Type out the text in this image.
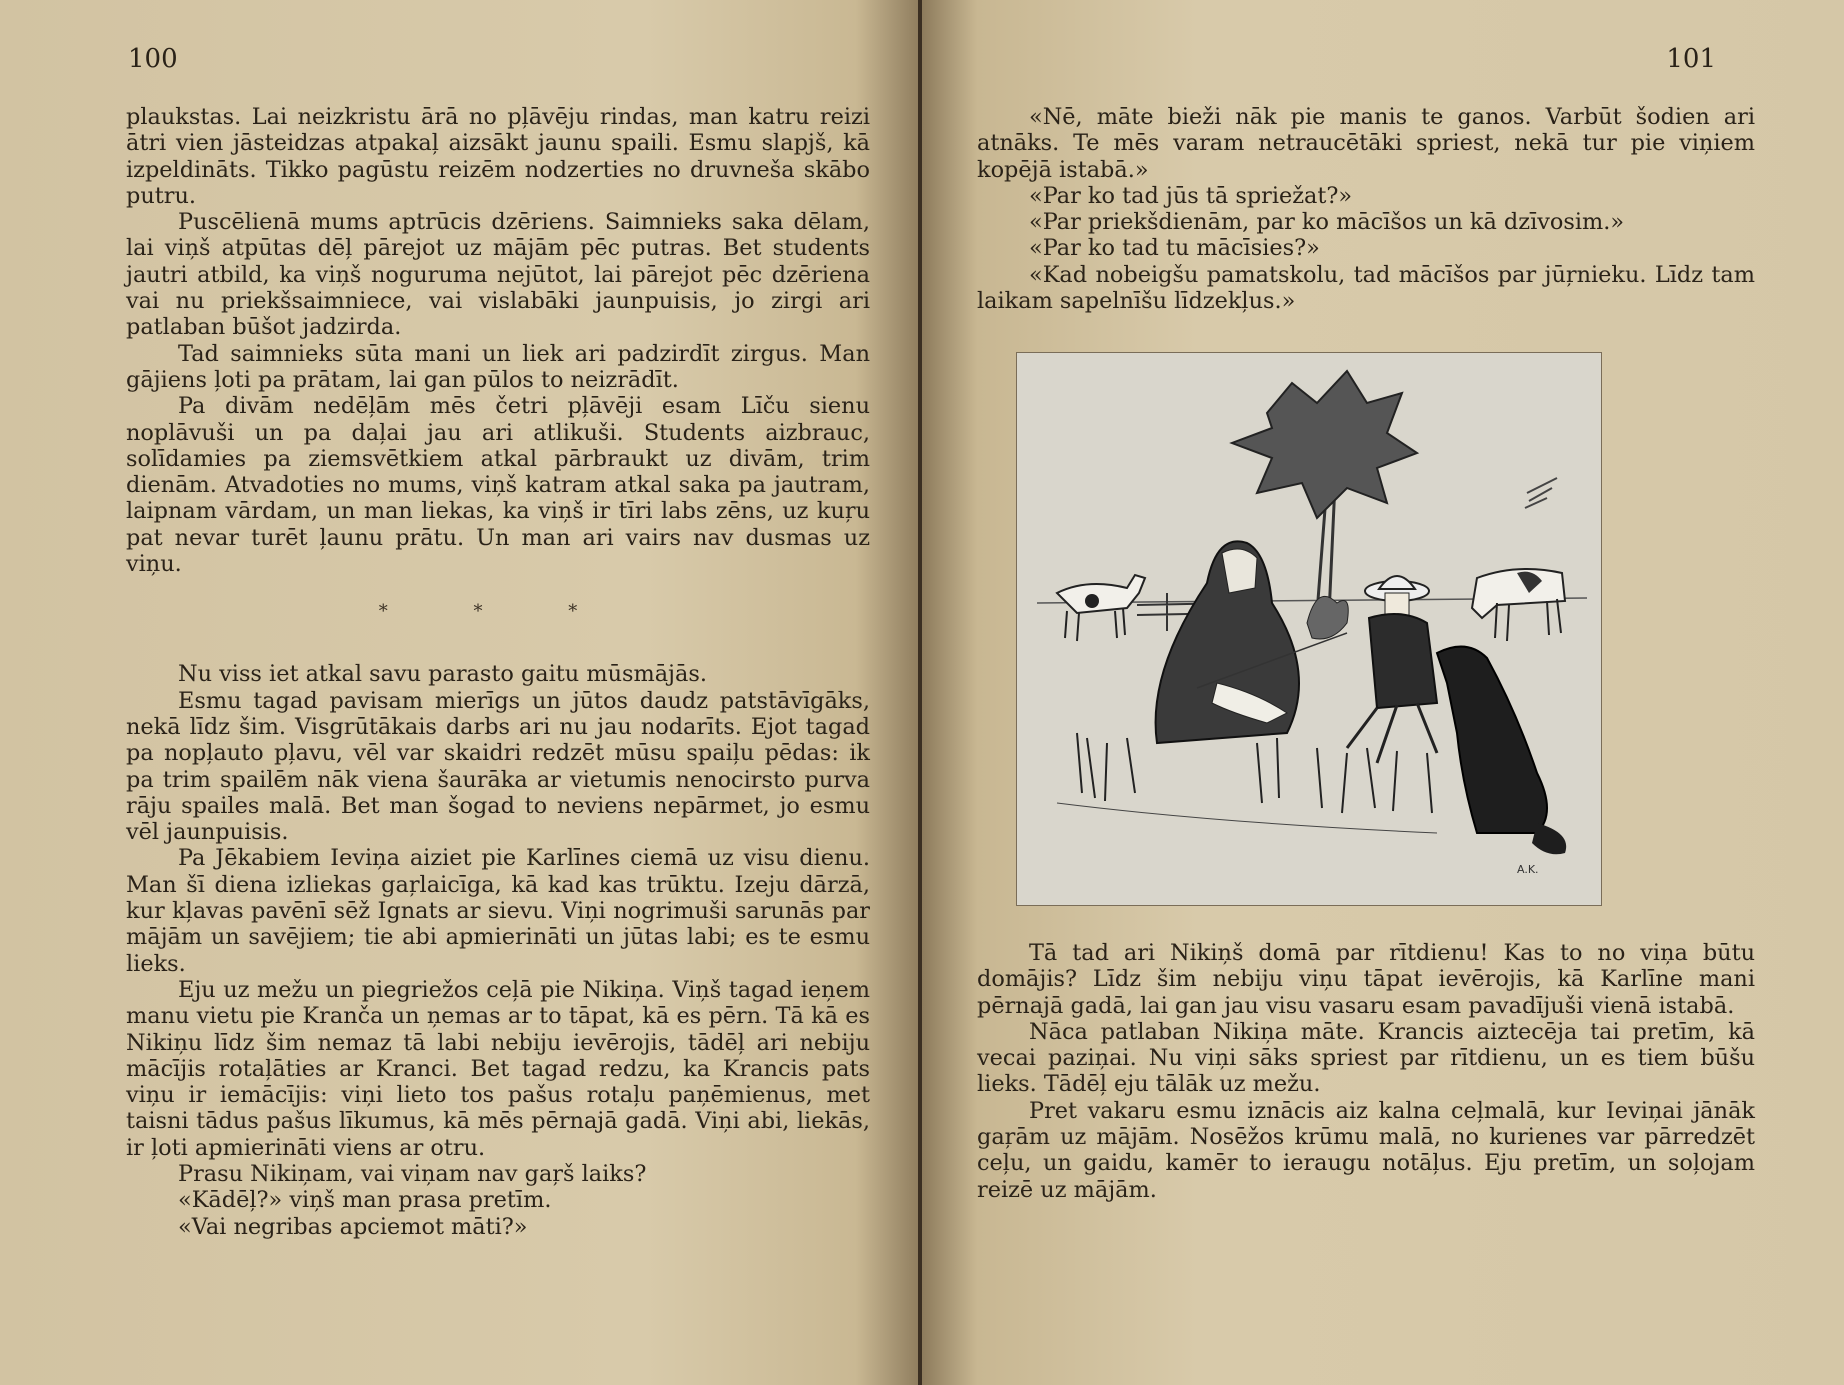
100

plaukstas. Lai neizkristu ārā no pļāvēju rindas, man katru reizi ātri vien jāsteidzas atpakaļ aizsākt jaunu spaili. Esmu slapjš, kā izpeldināts. Tikko pagūstu reizēm nodzerties no druvneša skābo putru.

Puscēlienā mums aptrūcis dzēriens. Saimnieks saka dēlam, lai viņš atpūtas dēļ pārejot uz mājām pēc putras. Bet students jautri atbild, ka viņš noguruma nejūtot, lai pārejot pēc dzēriena vai nu priekšsaimniece, vai vislabāki jaunpuisis, jo zirgi ari patlaban būšot jadzirda.

Tad saimnieks sūta mani un liek ari padzirdīt zirgus. Man gājiens ļoti pa prātam, lai gan pūlos to neizrādīt.

Pa divām nedēļām mēs četri pļāvēji esam Līču sienu noplāvuši un pa daļai jau ari atlikuši. Students aizbrauc, solīdamies pa ziemsvētkiem atkal pārbraukt uz divām, trim dienām. Atvadoties no mums, viņš katram atkal saka pa jautram, laipnam vārdam, un man liekas, ka viņš ir tīri labs zēns, uz kuŗu pat nevar turēt ļaunu prātu. Un man ari vairs nav dusmas uz viņu.

* * *

Nu viss iet atkal savu parasto gaitu mūsmājās.

Esmu tagad pavisam mierīgs un jūtos daudz patstāvīgāks, nekā līdz šim. Visgrūtākais darbs ari nu jau nodarīts. Ejot tagad pa nopļauto pļavu, vēl var skaidri redzēt mūsu spaiļu pēdas: ik pa trim spailēm nāk viena šaurāka ar vietumis nenocirsto purva rāju spailes malā. Bet man šogad to neviens nepārmet, jo esmu vēl jaunpuisis.

Pa Jēkabiem Ieviņa aiziet pie Karlīnes ciemā uz visu dienu. Man šī diena izliekas gaŗlaicīga, kā kad kas trūktu. Izeju dārzā, kur kļavas pavēnī sēž Ignats ar sievu. Viņi nogrimuši sarunās par mājām un savējiem; tie abi apmierināti un jūtas labi; es te esmu lieks.

Eju uz mežu un piegriežos ceļā pie Nikiņa. Viņš tagad ieņem manu vietu pie Kranča un ņemas ar to tāpat, kā es pērn. Tā kā es Nikiņu līdz šim nemaz tā labi nebiju ievērojis, tādēļ ari nebiju mācījis rotaļāties ar Kranci. Bet tagad redzu, ka Krancis pats viņu ir iemācījis: viņi lieto tos pašus rotaļu paņēmienus, met taisni tādus pašus līkumus, kā mēs pērnajā gadā. Viņi abi, liekās, ir ļoti apmierināti viens ar otru.

Prasu Nikiņam, vai viņam nav gaŗš laiks?

«Kādēļ?» viņš man prasa pretīm.

«Vai negribas apciemot māti?»

101

«Nē, māte bieži nāk pie manis te ganos. Varbūt šodien ari atnāks. Te mēs varam netraucētāki spriest, nekā tur pie viņiem kopējā istabā.»

«Par ko tad jūs tā spriežat?»

«Par priekšdienām, par ko mācīšos un kā dzīvosim.»

«Par ko tad tu mācīsies?»

«Kad nobeigšu pamatskolu, tad mācīšos par jūŗnieku. Līdz tam laikam sapelnīšu līdzekļus.»

A.K.

Tā tad ari Nikiņš domā par rītdienu! Kas to no viņa būtu domājis? Līdz šim nebiju viņu tāpat ievērojis, kā Karlīne mani pērnajā gadā, lai gan jau visu vasaru esam pavadījuši vienā istabā.

Nāca patlaban Nikiņa māte. Krancis aiztecēja tai pretīm, kā vecai paziņai. Nu viņi sāks spriest par rītdienu, un es tiem būšu lieks. Tādēļ eju tālāk uz mežu.

Pret vakaru esmu iznācis aiz kalna ceļmalā, kur Ieviņai jānāk gaŗām uz mājām. Nosēžos krūmu malā, no kurienes var pārredzēt ceļu, un gaidu, kamēr to ieraugu notāļus. Eju pretīm, un soļojam reizē uz mājām.
